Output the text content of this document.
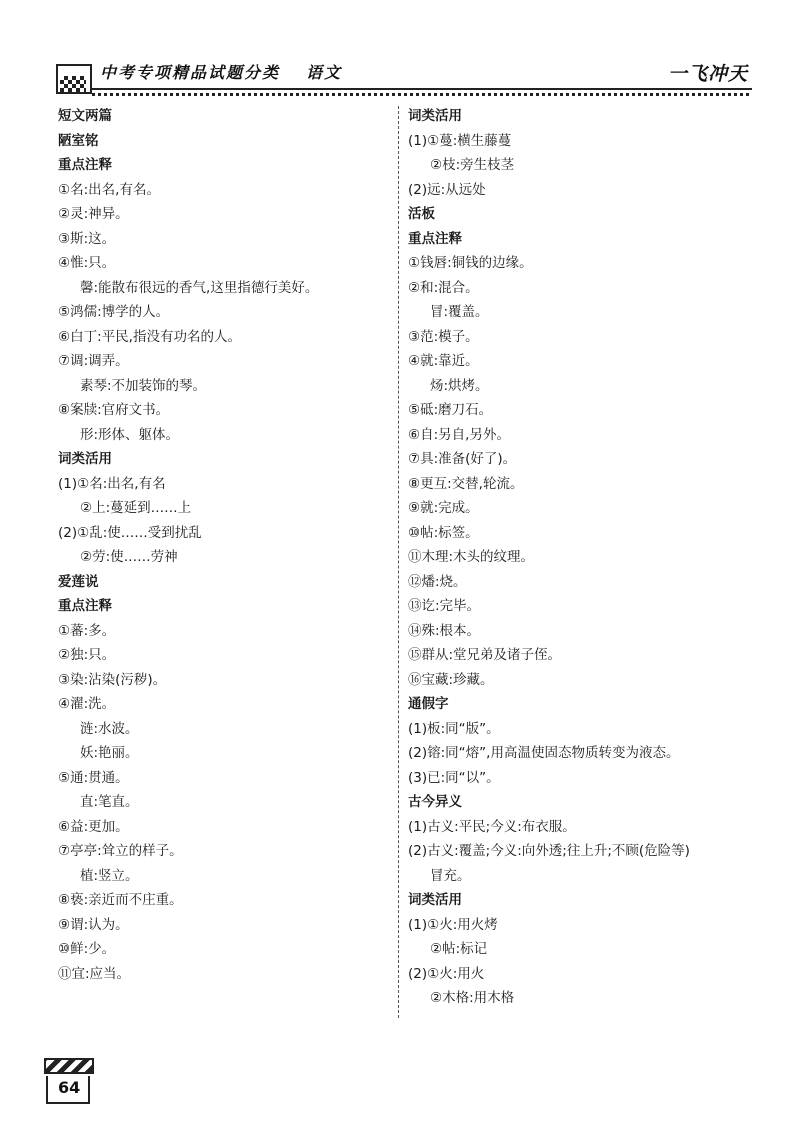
中考专项精品试题分类 语文	一飞冲天
短文两篇
陋室铭
重点注释
①名:出名,有名。
②灵:神异。
③斯:这。
④惟:只。
馨:能散布很远的香气,这里指德行美好。
⑤鸿儒:博学的人。
⑥白丁:平民,指没有功名的人。
⑦调:调弄。
素琴:不加装饰的琴。
⑧案牍:官府文书。
形:形体、躯体。
词类活用
(1)①名:出名,有名
②上:蔓延到……上
(2)①乱:使……受到扰乱
②劳:使……劳神
爱莲说
重点注释
①蕃:多。
②独:只。
③染:沾染(污秽)。
④濯:洗。
涟:水波。
妖:艳丽。
⑤通:贯通。
直:笔直。
⑥益:更加。
⑦亭亭:耸立的样子。
植:竖立。
⑧亵:亲近而不庄重。
⑨谓:认为。
⑩鲜:少。
⑪宜:应当。
词类活用
(1)①蔓:横生藤蔓
②枝:旁生枝茎
(2)远:从远处
活板
重点注释
①钱唇:铜钱的边缘。
②和:混合。
冒:覆盖。
③范:模子。
④就:靠近。
炀:烘烤。
⑤砥:磨刀石。
⑥自:另自,另外。
⑦具:准备(好了)。
⑧更互:交替,轮流。
⑨就:完成。
⑩帖:标签。
⑪木理:木头的纹理。
⑫燔:烧。
⑬讫:完毕。
⑭殊:根本。
⑮群从:堂兄弟及诸子侄。
⑯宝藏:珍藏。
通假字
(1)板:同“版”。
(2)镕:同“熔”,用高温使固态物质转变为液态。
(3)已:同“以”。
古今异义
(1)古义:平民;今义:布衣服。
(2)古义:覆盖;今义:向外透;往上升;不顾(危险等)
冒充。
词类活用
(1)①火:用火烤
②帖:标记
(2)①火:用火
②木格:用木格
64
